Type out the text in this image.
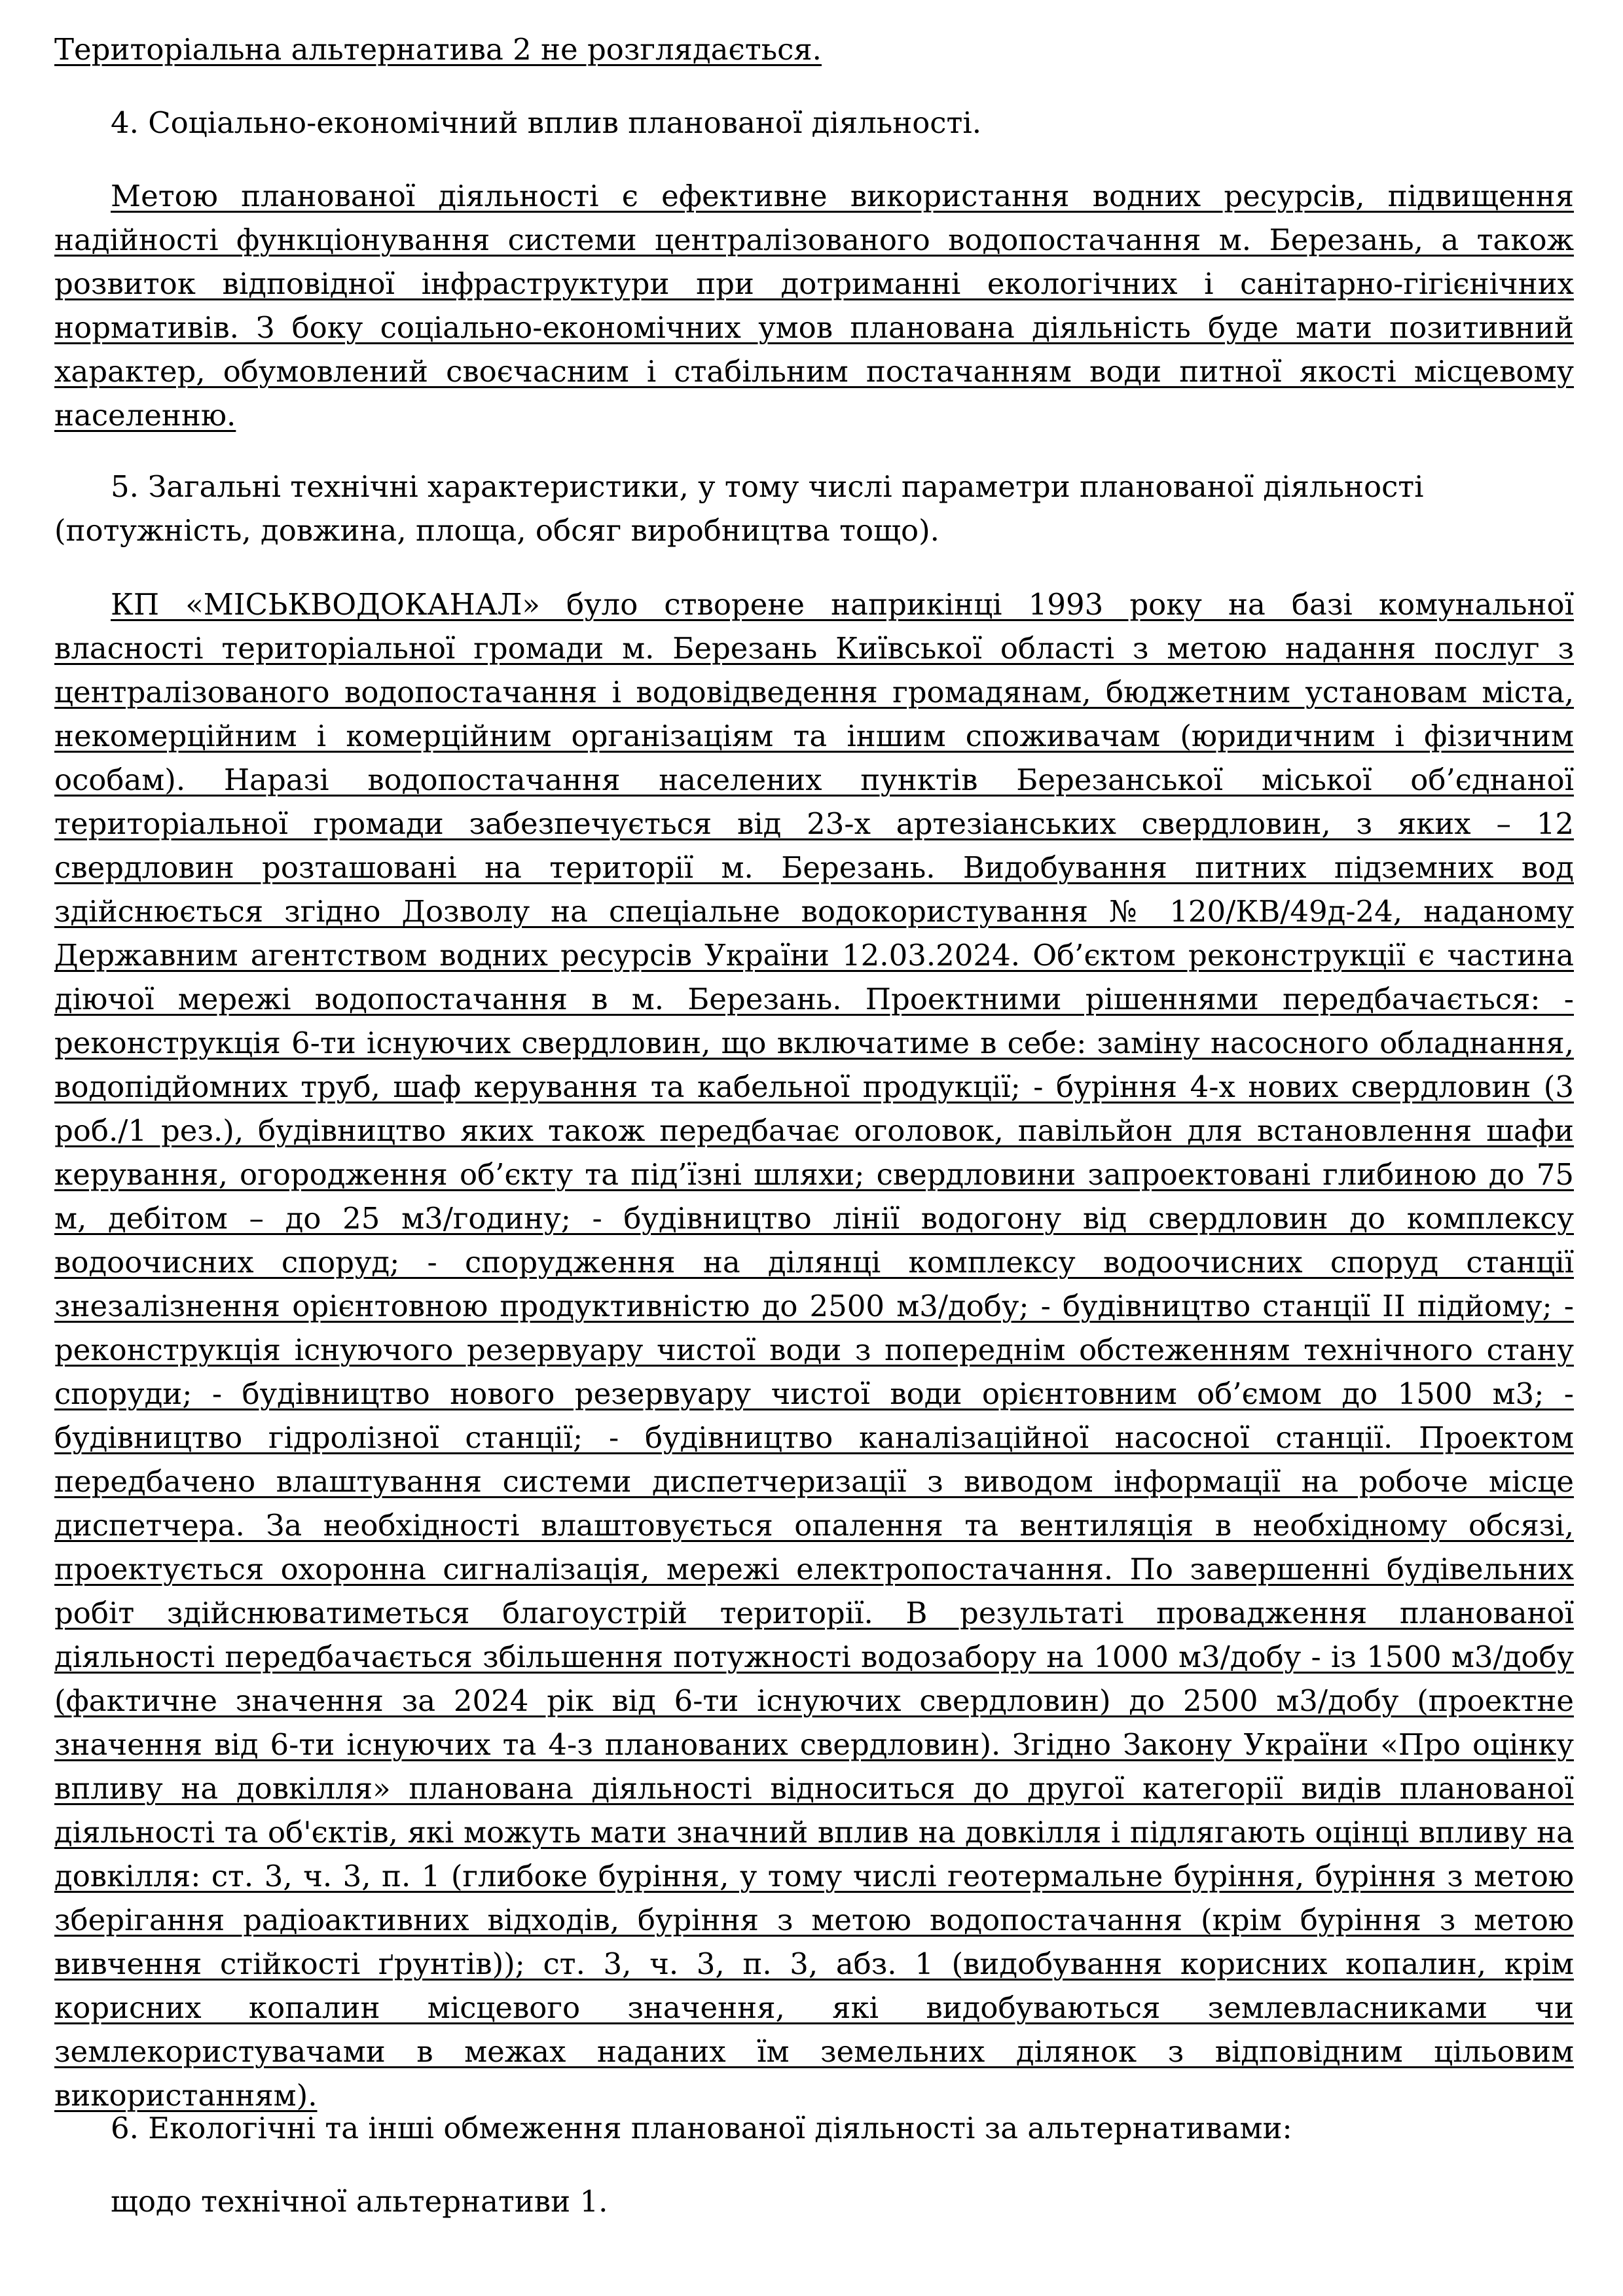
Територіальна альтернатива 2 не розглядається.

4. Соціально-економічний вплив планованої діяльності.

Метою планованої діяльності є ефективне використання водних ресурсів, підвищення надійності функціонування системи централізованого водопостачання м. Березань, а також розвиток відповідної інфраструктури при дотриманні екологічних і санітарно-гігієнічних нормативів. З боку соціально-економічних умов планована діяльність буде мати позитивний характер, обумовлений своєчасним і стабільним постачанням води питної якості місцевому населенню.

5. Загальні технічні характеристики, у тому числі параметри планованої діяльності (потужність, довжина, площа, обсяг виробництва тощо).

КП «МІСЬКВОДОКАНАЛ» було створене наприкінці 1993 року на базі комунальної власності територіальної громади м. Березань Київської області з метою надання послуг з централізованого водопостачання і водовідведення громадянам, бюджетним установам міста, некомерційним і комерційним організаціям та іншим споживачам (юридичним і фізичним особам). Наразі водопостачання населених пунктів Березанської міської об’єднаної територіальної громади забезпечується від 23-х артезіанських свердловин, з яких – 12 свердловин розташовані на території м. Березань. Видобування питних підземних вод здійснюється згідно Дозволу на спеціальне водокористування № 120/КВ/49д-24, наданому Державним агентством водних ресурсів України 12.03.2024. Об’єктом реконструкції є частина діючої мережі водопостачання в м. Березань. Проектними рішеннями передбачається: - реконструкція 6-ти існуючих свердловин, що включатиме в себе: заміну насосного обладнання, водопідйомних труб, шаф керування та кабельної продукції; - буріння 4-х нових свердловин (3 роб./1 рез.), будівництво яких також передбачає оголовок, павільйон для встановлення шафи керування, огородження об’єкту та під’їзні шляхи; свердловини запроектовані глибиною до 75 м, дебітом – до 25 м3/годину; - будівництво лінії водогону від свердловин до комплексу водоочисних споруд; - спорудження на ділянці комплексу водоочисних споруд станції знезалізнення орієнтовною продуктивністю до 2500 м3/добу; - будівництво станції ІІ підйому; - реконструкція існуючого резервуару чистої води з попереднім обстеженням технічного стану споруди; - будівництво нового резервуару чистої води орієнтовним об’ємом до 1500 м3; - будівництво гідролізної станції; - будівництво каналізаційної насосної станції. Проектом передбачено влаштування системи диспетчеризації з виводом інформації на робоче місце диспетчера. За необхідності влаштовується опалення та вентиляція в необхідному обсязі, проектується охоронна сигналізація, мережі електропостачання. По завершенні будівельних робіт здійснюватиметься благоустрій території. В результаті провадження планованої діяльності передбачається збільшення потужності водозабору на 1000 м3/добу - із 1500 м3/добу (фактичне значення за 2024 рік від 6-ти існуючих свердловин) до 2500 м3/добу (проектне значення від 6-ти існуючих та 4-з планованих свердловин). Згідно Закону України «Про оцінку впливу на довкілля» планована діяльності відноситься до другої категорії видів планованої діяльності та об'єктів, які можуть мати значний вплив на довкілля і підлягають оцінці впливу на довкілля: ст. 3, ч. 3, п. 1 (глибоке буріння, у тому числі геотермальне буріння, буріння з метою зберігання радіоактивних відходів, буріння з метою водопостачання (крім буріння з метою вивчення стійкості ґрунтів)); ст. 3, ч. 3, п. 3, абз. 1 (видобування корисних копалин, крім корисних копалин місцевого значення, які видобуваються землевласниками чи землекористувачами в межах наданих їм земельних ділянок з відповідним цільовим використанням).

6. Екологічні та інші обмеження планованої діяльності за альтернативами:

щодо технічної альтернативи 1.
